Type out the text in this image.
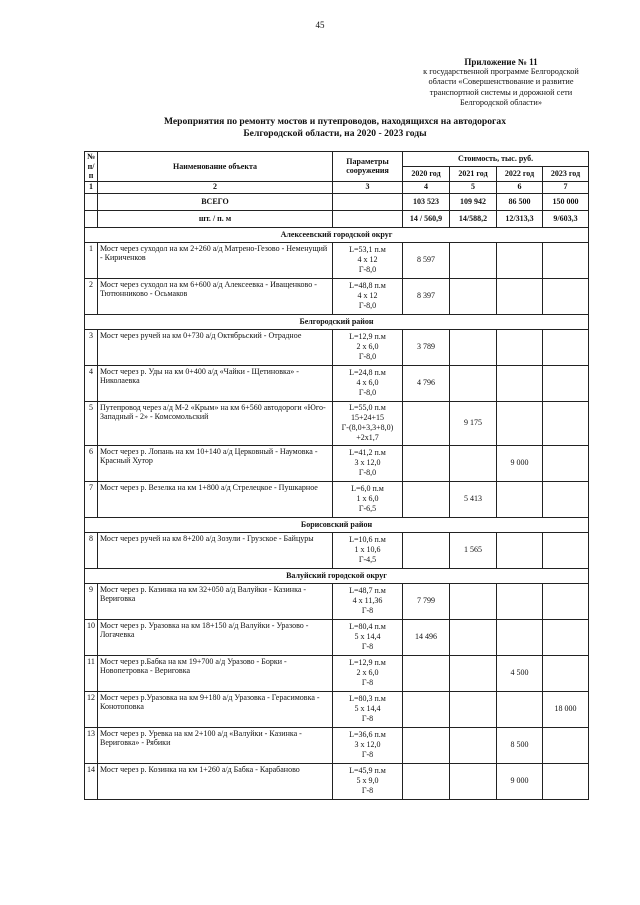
45
Приложение № 11
к государственной программе Белгородской
области «Совершенствование и развитие
транспортной системы и дорожной сети
Белгородской области»
Мероприятия по ремонту мостов и путепроводов, находящихся на автодорогах
Белгородской области, на 2020 - 2023 годы
№ п/п	Наименование объекта	Параметры сооружения	Стоимость, тыс. руб.			
			2020 год	2021 год	2022 год	2023 год
1	2	3	4	5	6	7
	ВСЕГО		103 523	109 942	86 500	150 000
	шт. / п. м		14 / 560,9	14/588,2	12/313,3	9/603,3
Алексеевский городской округ						
1	Мост через суходол на км 2+260 а/д Матрено-Гезово - Неменущий - Кириченков	L=53,1 п.м
4 х 12
Г-8,0	8 597			
2	Мост через суходол на км 6+600 а/д Алексеевка - Иващенково - Тютюнниково - Осьмаков	L=48,8 п.м
4 х 12
Г-8,0	8 397			
Белгородский район						
3	Мост через ручей на км 0+730 а/д Октябрьский - Отрадное	L=12,9 п.м
2 х 6,0
Г-8,0	3 789			
4	Мост через р. Уды на км 0+400 а/д «Чайки - Щетиновка» - Николаевка	L=24,8 п.м
4 х 6,0
Г-8,0	4 796			
5	Путепровод через а/д М-2 «Крым» на км 6+560 автодороги «Юго-Западный - 2» - Комсомольский	L=55,0 п.м
15+24+15
Г-(8,0+3,3+8,0)
+2х1,7		9 175		
6	Мост через р. Лопань на км 10+140 а/д Церковный - Наумовка - Красный Хутор	L=41,2 п.м
3 х 12,0
Г-8,0			9 000	
7	Мост через р. Везелка на км 1+800 а/д Стрелецкое - Пушкарное	L=6,0 п.м
1 х 6,0
Г-6,5		5 413		
Борисовский район						
8	Мост через ручей на км 8+200 а/д Зозули - Грузское - Байцуры	L=10,6 п.м
1 х 10,6
Г-4,5		1 565		
Валуйский городской округ						
9	Мост через р. Казинка на км 32+050 а/д Валуйки - Казинка - Вериговка	L=48,7 п.м
4 х 11,36
Г-8	7 799			
10	Мост через р. Уразовка на км 18+150 а/д Валуйки - Уразово - Логачевка	L=80,4 п.м
5 х 14,4
Г-8	14 496			
11	Мост через р.Бабка на км 19+700 а/д Уразово - Борки - Новопетровка - Вериговка	L=12,9 п.м
2 х 6,0
Г-8			4 500	
12	Мост через р.Уразовка на км 9+180 а/д Уразовка - Герасимовка - Конотоповка	L=80,3 п.м
5 х 14,4
Г-8				18 000
13	Мост через р. Уревка на км 2+100 а/д «Валуйки - Казинка - Вериговка» - Рябики	L=36,6 п.м
3 х 12,0
Г-8			8 500	
14	Мост через р. Козинка на км 1+260 а/д Бабка - Карабаново	L=45,9 п.м
5 х 9,0
Г-8			9 000	
